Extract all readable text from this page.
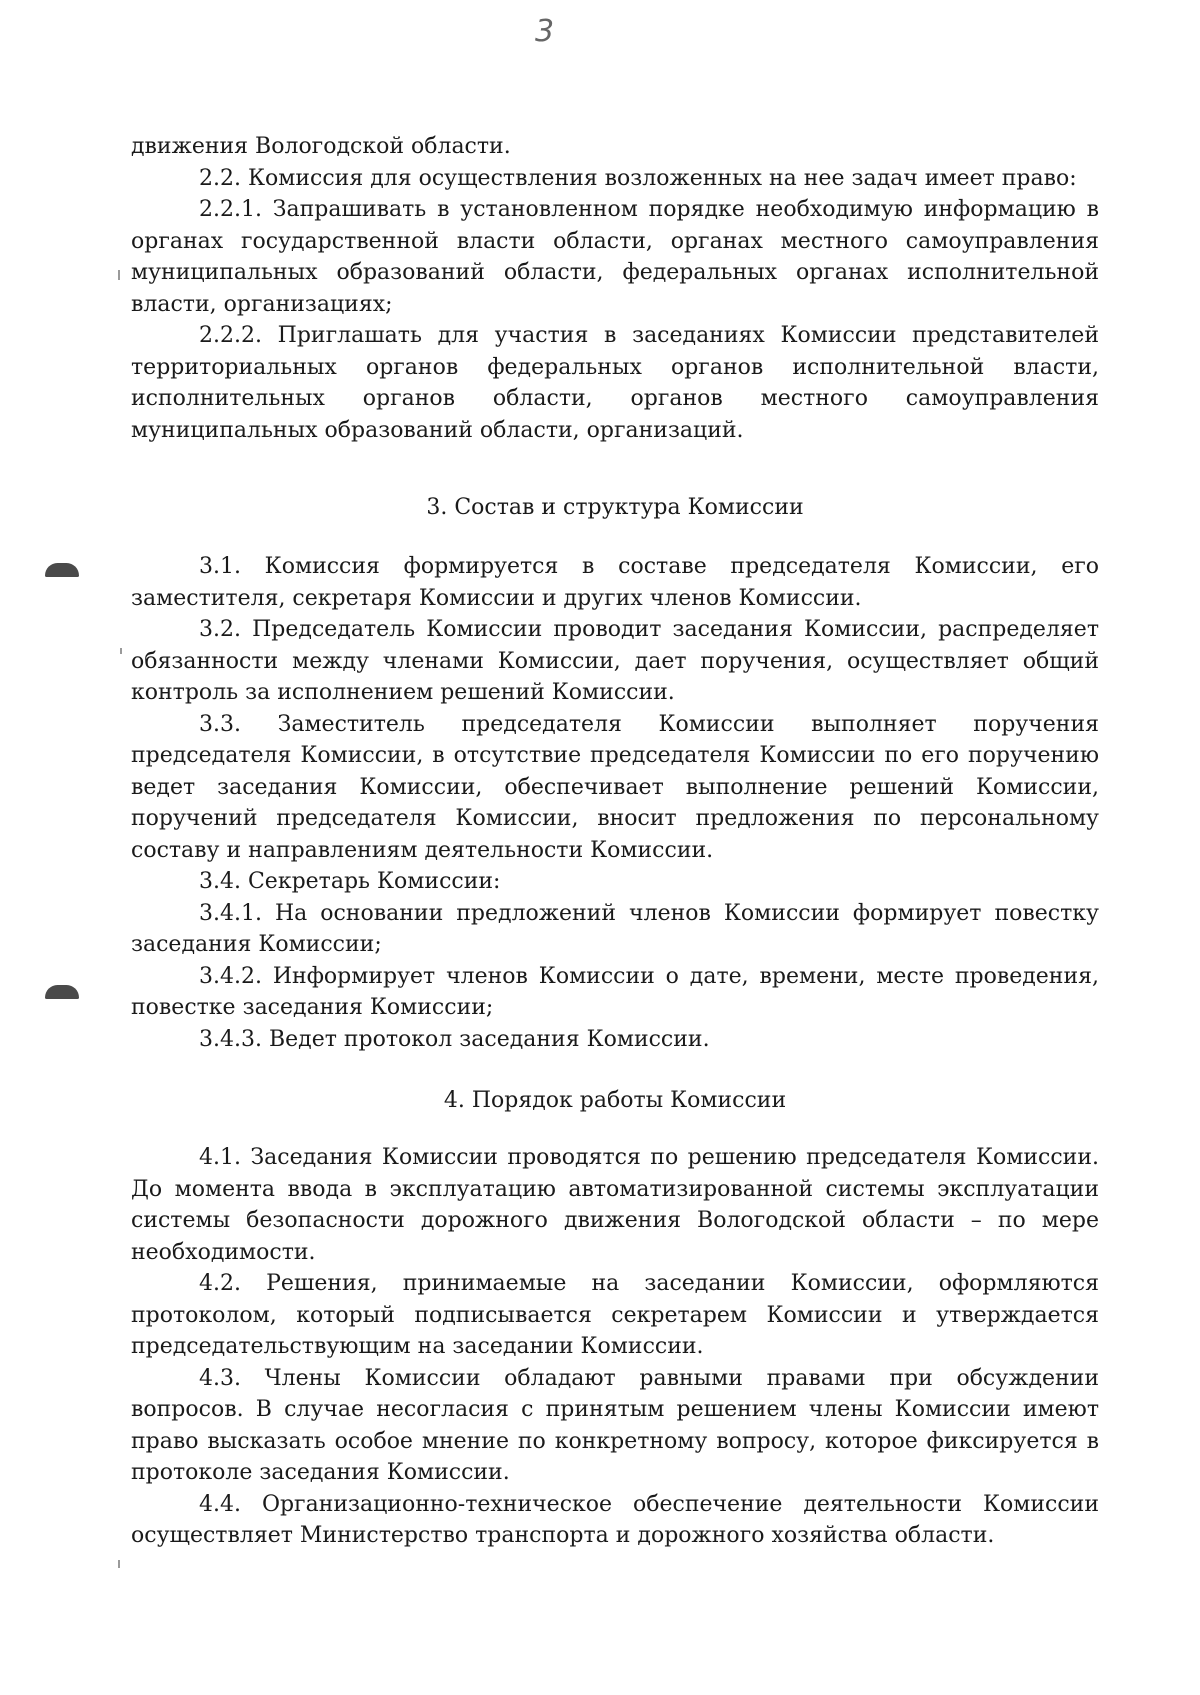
3

движения Вологодской области.

2.2. Комиссия для осуществления возложенных на нее задач имеет право:

2.2.1. Запрашивать в установленном порядке необходимую информацию в органах государственной власти области, органах местного самоуправления муниципальных образований области, федеральных органах исполнительной власти, организациях;

2.2.2. Приглашать для участия в заседаниях Комиссии представителей территориальных органов федеральных органов исполнительной власти, исполнительных органов области, органов местного самоуправления муниципальных образований области, организаций.

3. Состав и структура Комиссии

3.1. Комиссия формируется в составе председателя Комиссии, его заместителя, секретаря Комиссии и других членов Комиссии.

3.2. Председатель Комиссии проводит заседания Комиссии, распределяет обязанности между членами Комиссии, дает поручения, осуществляет общий контроль за исполнением решений Комиссии.

3.3. Заместитель председателя Комиссии выполняет поручения председателя Комиссии, в отсутствие председателя Комиссии по его поручению ведет заседания Комиссии, обеспечивает выполнение решений Комиссии, поручений председателя Комиссии, вносит предложения по персональному составу и направлениям деятельности Комиссии.

3.4. Секретарь Комиссии:

3.4.1. На основании предложений членов Комиссии формирует повестку заседания Комиссии;

3.4.2. Информирует членов Комиссии о дате, времени, месте проведения, повестке заседания Комиссии;

3.4.3. Ведет протокол заседания Комиссии.

4. Порядок работы Комиссии

4.1. Заседания Комиссии проводятся по решению председателя Комиссии. До момента ввода в эксплуатацию автоматизированной системы эксплуатации системы безопасности дорожного движения Вологодской области – по мере необходимости.

4.2. Решения, принимаемые на заседании Комиссии, оформляются протоколом, который подписывается секретарем Комиссии и утверждается председательствующим на заседании Комиссии.

4.3. Члены Комиссии обладают равными правами при обсуждении вопросов. В случае несогласия с принятым решением члены Комиссии имеют право высказать особое мнение по конкретному вопросу, которое фиксируется в протоколе заседания Комиссии.

4.4. Организационно-техническое обеспечение деятельности Комиссии осуществляет Министерство транспорта и дорожного хозяйства области.
